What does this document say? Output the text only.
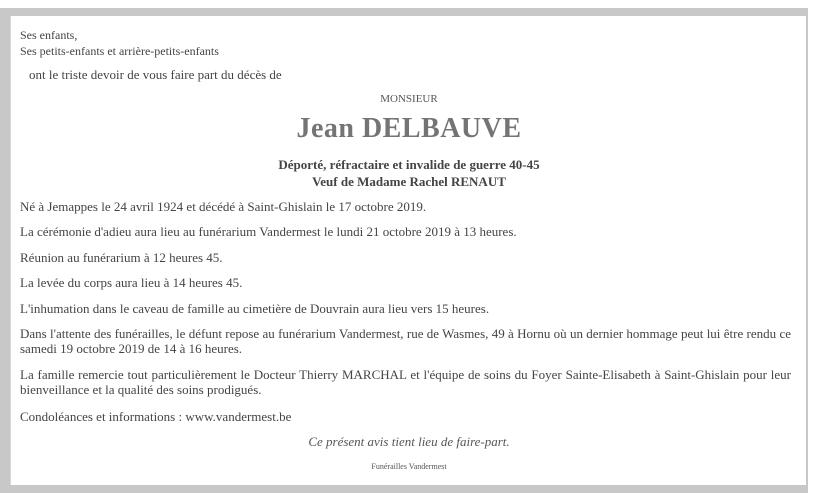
Ses enfants,
Ses petits-enfants et arrière-petits-enfants
ont le triste devoir de vous faire part du décès de
MONSIEUR
Jean DELBAUVE
Déporté, réfractaire et invalide de guerre 40-45
Veuf de Madame Rachel RENAUT
Né à Jemappes le 24 avril 1924 et décédé à Saint-Ghislain le 17 octobre 2019.
La cérémonie d'adieu aura lieu au funérarium Vandermest le lundi 21 octobre 2019 à 13 heures.
Réunion au funérarium à 12 heures 45.
La levée du corps aura lieu à 14 heures 45.
L'inhumation dans le caveau de famille au cimetière de Douvrain aura lieu vers 15 heures.
Dans l'attente des funérailles, le défunt repose au funérarium Vandermest, rue de Wasmes, 49 à Hornu où un dernier hommage peut lui être rendu ce samedi 19 octobre 2019 de 14 à 16 heures.
La famille remercie tout particulièrement le Docteur Thierry MARCHAL et l'équipe de soins du Foyer Sainte-Elisabeth à Saint-Ghislain pour leur bienveillance et la qualité des soins prodigués.
Condoléances et informations : www.vandermest.be
Ce présent avis tient lieu de faire-part.
Funérailles Vandermest
